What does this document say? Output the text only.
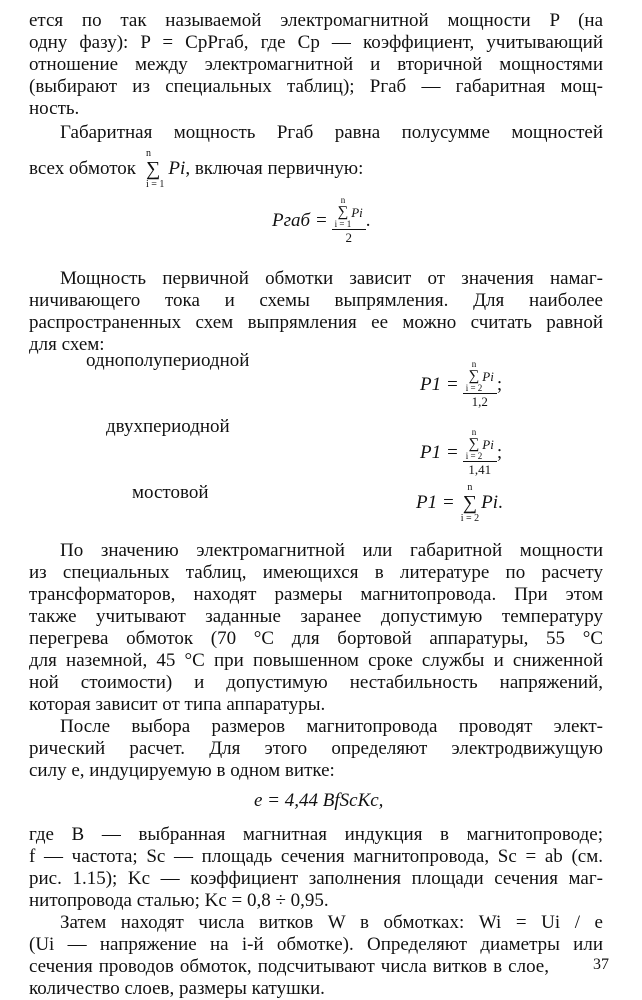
ется по так называемой электромагнитной мощности P (на
одну фазу): P = CpPгаб, где Cp — коэффициент, учитывающий
отношение между электромагнитной и вторичной мощностями
(выбирают из специальных таблиц); Pгаб — габаритная мощ-
ность.
Габаритная мощность Pгаб равна полусумме мощностей
всех обмоток
n
∑
i = 1
Pi , включая первичную:
Pгаб = n
∑
i = 1
Pi
2 .
Мощность первичной обмотки зависит от значения намаг-
ничивающего тока и схемы выпрямления. Для наиболее
распространенных схем выпрямления ее можно считать равной
для схем:
однополупериодной
P1 = n
∑
i = 2
Pi
1,2 ;
двухпериодной
P1 = n
∑
i = 2
Pi
1,41 ;
мостовой	P1 =
n
∑
i = 2
Pi .
По значению электромагнитной или габаритной мощности
из специальных таблиц, имеющихся в литературе по расчету
трансформаторов, находят размеры магнитопровода. При этом
также учитывают заданные заранее допустимую температуру
перегрева обмоток (70 °C для бортовой аппаратуры, 55 °C
для наземной, 45 °C при повышенном сроке службы и сниженной
ной стоимости) и допустимую нестабильность напряжений,
которая зависит от типа аппаратуры.
После выбора размеров магнитопровода проводят элект-
рический расчет. Для этого определяют электродвижущую
силу e, индуцируемую в одном витке:
e = 4,44 BfScKc,
где B — выбранная магнитная индукция в магнитопроводе;
f — частота; Sc — площадь сечения магнитопровода, Sc = ab (см.
рис. 1.15); Kc — коэффициент заполнения площади сечения маг-
нитопровода сталью; Kc = 0,8 ÷ 0,95.
Затем находят числа витков W в обмотках: Wi = Ui / e
(Ui — напряжение на i-й обмотке). Определяют диаметры или
сечения проводов обмоток, подсчитывают числа витков в слое,
количество слоев, размеры катушки.
37
